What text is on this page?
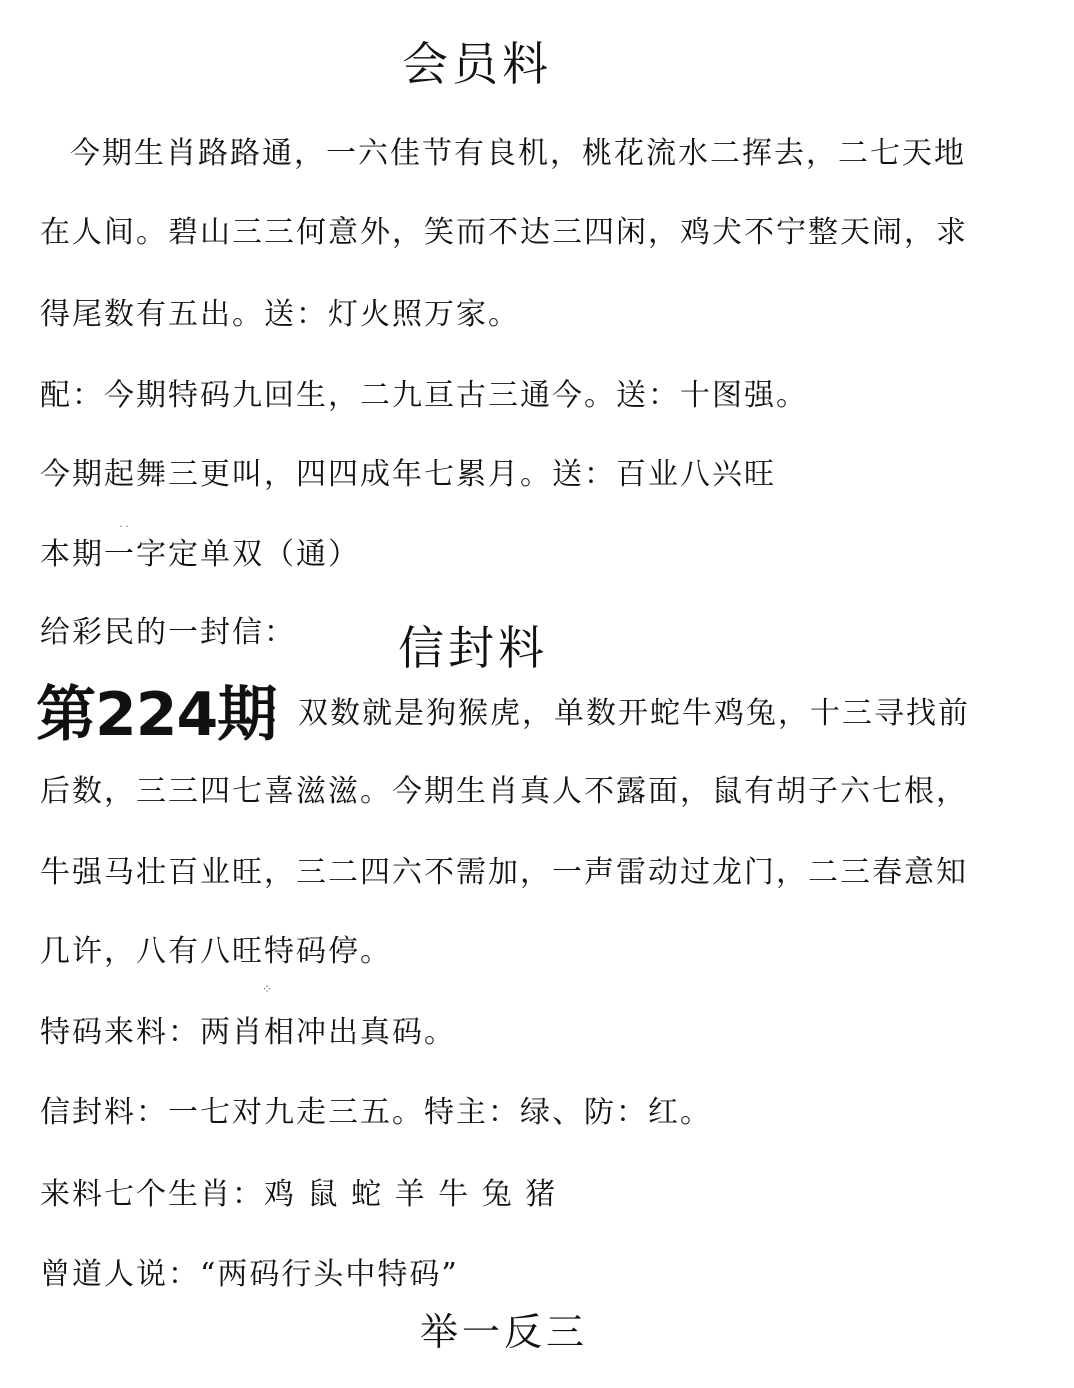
会员料
今期生肖路路通，一六佳节有良机，桃花流水二挥去，二七天地
在人间。碧山三三何意外，笑而不达三四闲，鸡犬不宁整天闹，求
得尾数有五出。送：灯火照万家。
配：今期特码九回生，二九亘古三通今。送：十图强。
今期起舞三更叫，四四成年七累月。送：百业八兴旺
本期一字定单双（通）
给彩民的一封信： 信封料
第224期
：双数就是狗猴虎，单数开蛇牛鸡兔，十三寻找前
后数，三三四七喜滋滋。今期生肖真人不露面，鼠有胡子六七根，
牛强马壮百业旺，三二四六不需加，一声雷动过龙门，二三春意知
几许，八有八旺特码停。
特码来料：两肖相冲出真码。
信封料：一七对九走三五。特主：绿、防：红。
来料七个生肖：鸡 鼠 蛇 羊 牛 兔 猪
曾道人说：“两码行头中特码”
举一反三
⁘
˙˙
